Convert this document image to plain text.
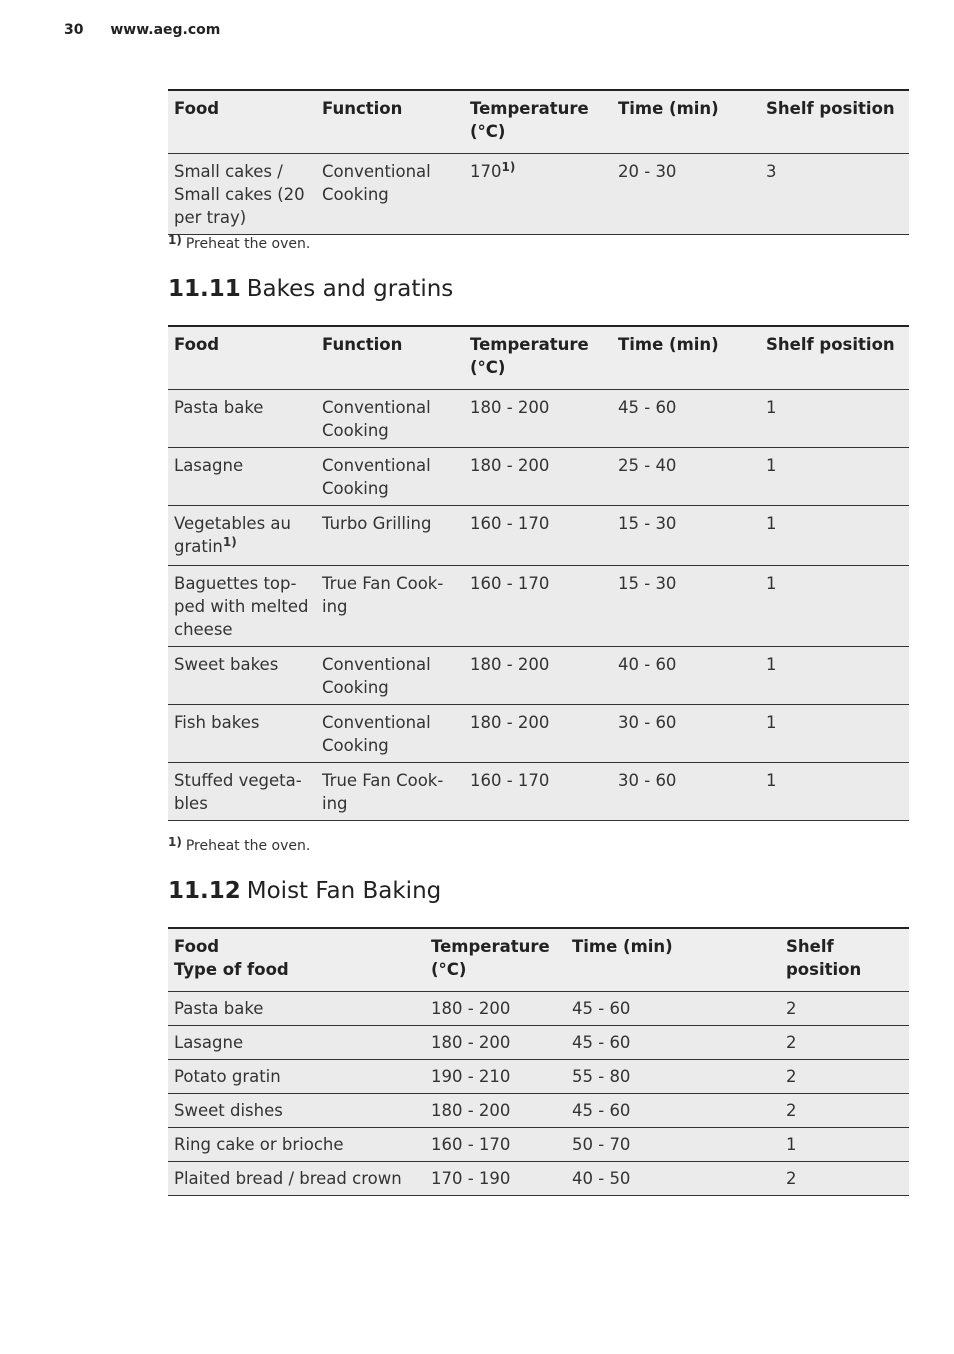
30 www.aeg.com
Food	Function	Temperature (°C)	Time (min)	Shelf position
Small cakes / Small cakes (20 per tray)	Conventional Cooking	170$^{1)}$	20 - 30	3
1) Preheat the oven.
11.11 Bakes and gratins
Food	Function	Temperature (°C)	Time (min)	Shelf position
Pasta bake	Conventional Cooking	180 - 200	45 - 60	1
Lasagne	Conventional Cooking	180 - 200	25 - 40	1
Vegetables au gratin$^{1)}$	Turbo Grilling	160 - 170	15 - 30	1
Baguettes topped with melted cheese	True Fan Cooking	160 - 170	15 - 30	1
Sweet bakes	Conventional Cooking	180 - 200	40 - 60	1
Fish bakes	Conventional Cooking	180 - 200	30 - 60	1
Stuffed vegetables	True Fan Cooking	160 - 170	30 - 60	1
1) Preheat the oven.
11.12 Moist Fan Baking
Food
Type of food	Temperature (°C)	Time (min)	Shelf position
Pasta bake	180 - 200	45 - 60	2
Lasagne	180 - 200	45 - 60	2
Potato gratin	190 - 210	55 - 80	2
Sweet dishes	180 - 200	45 - 60	2
Ring cake or brioche	160 - 170	50 - 70	1
Plaited bread / bread crown	170 - 190	40 - 50	2
